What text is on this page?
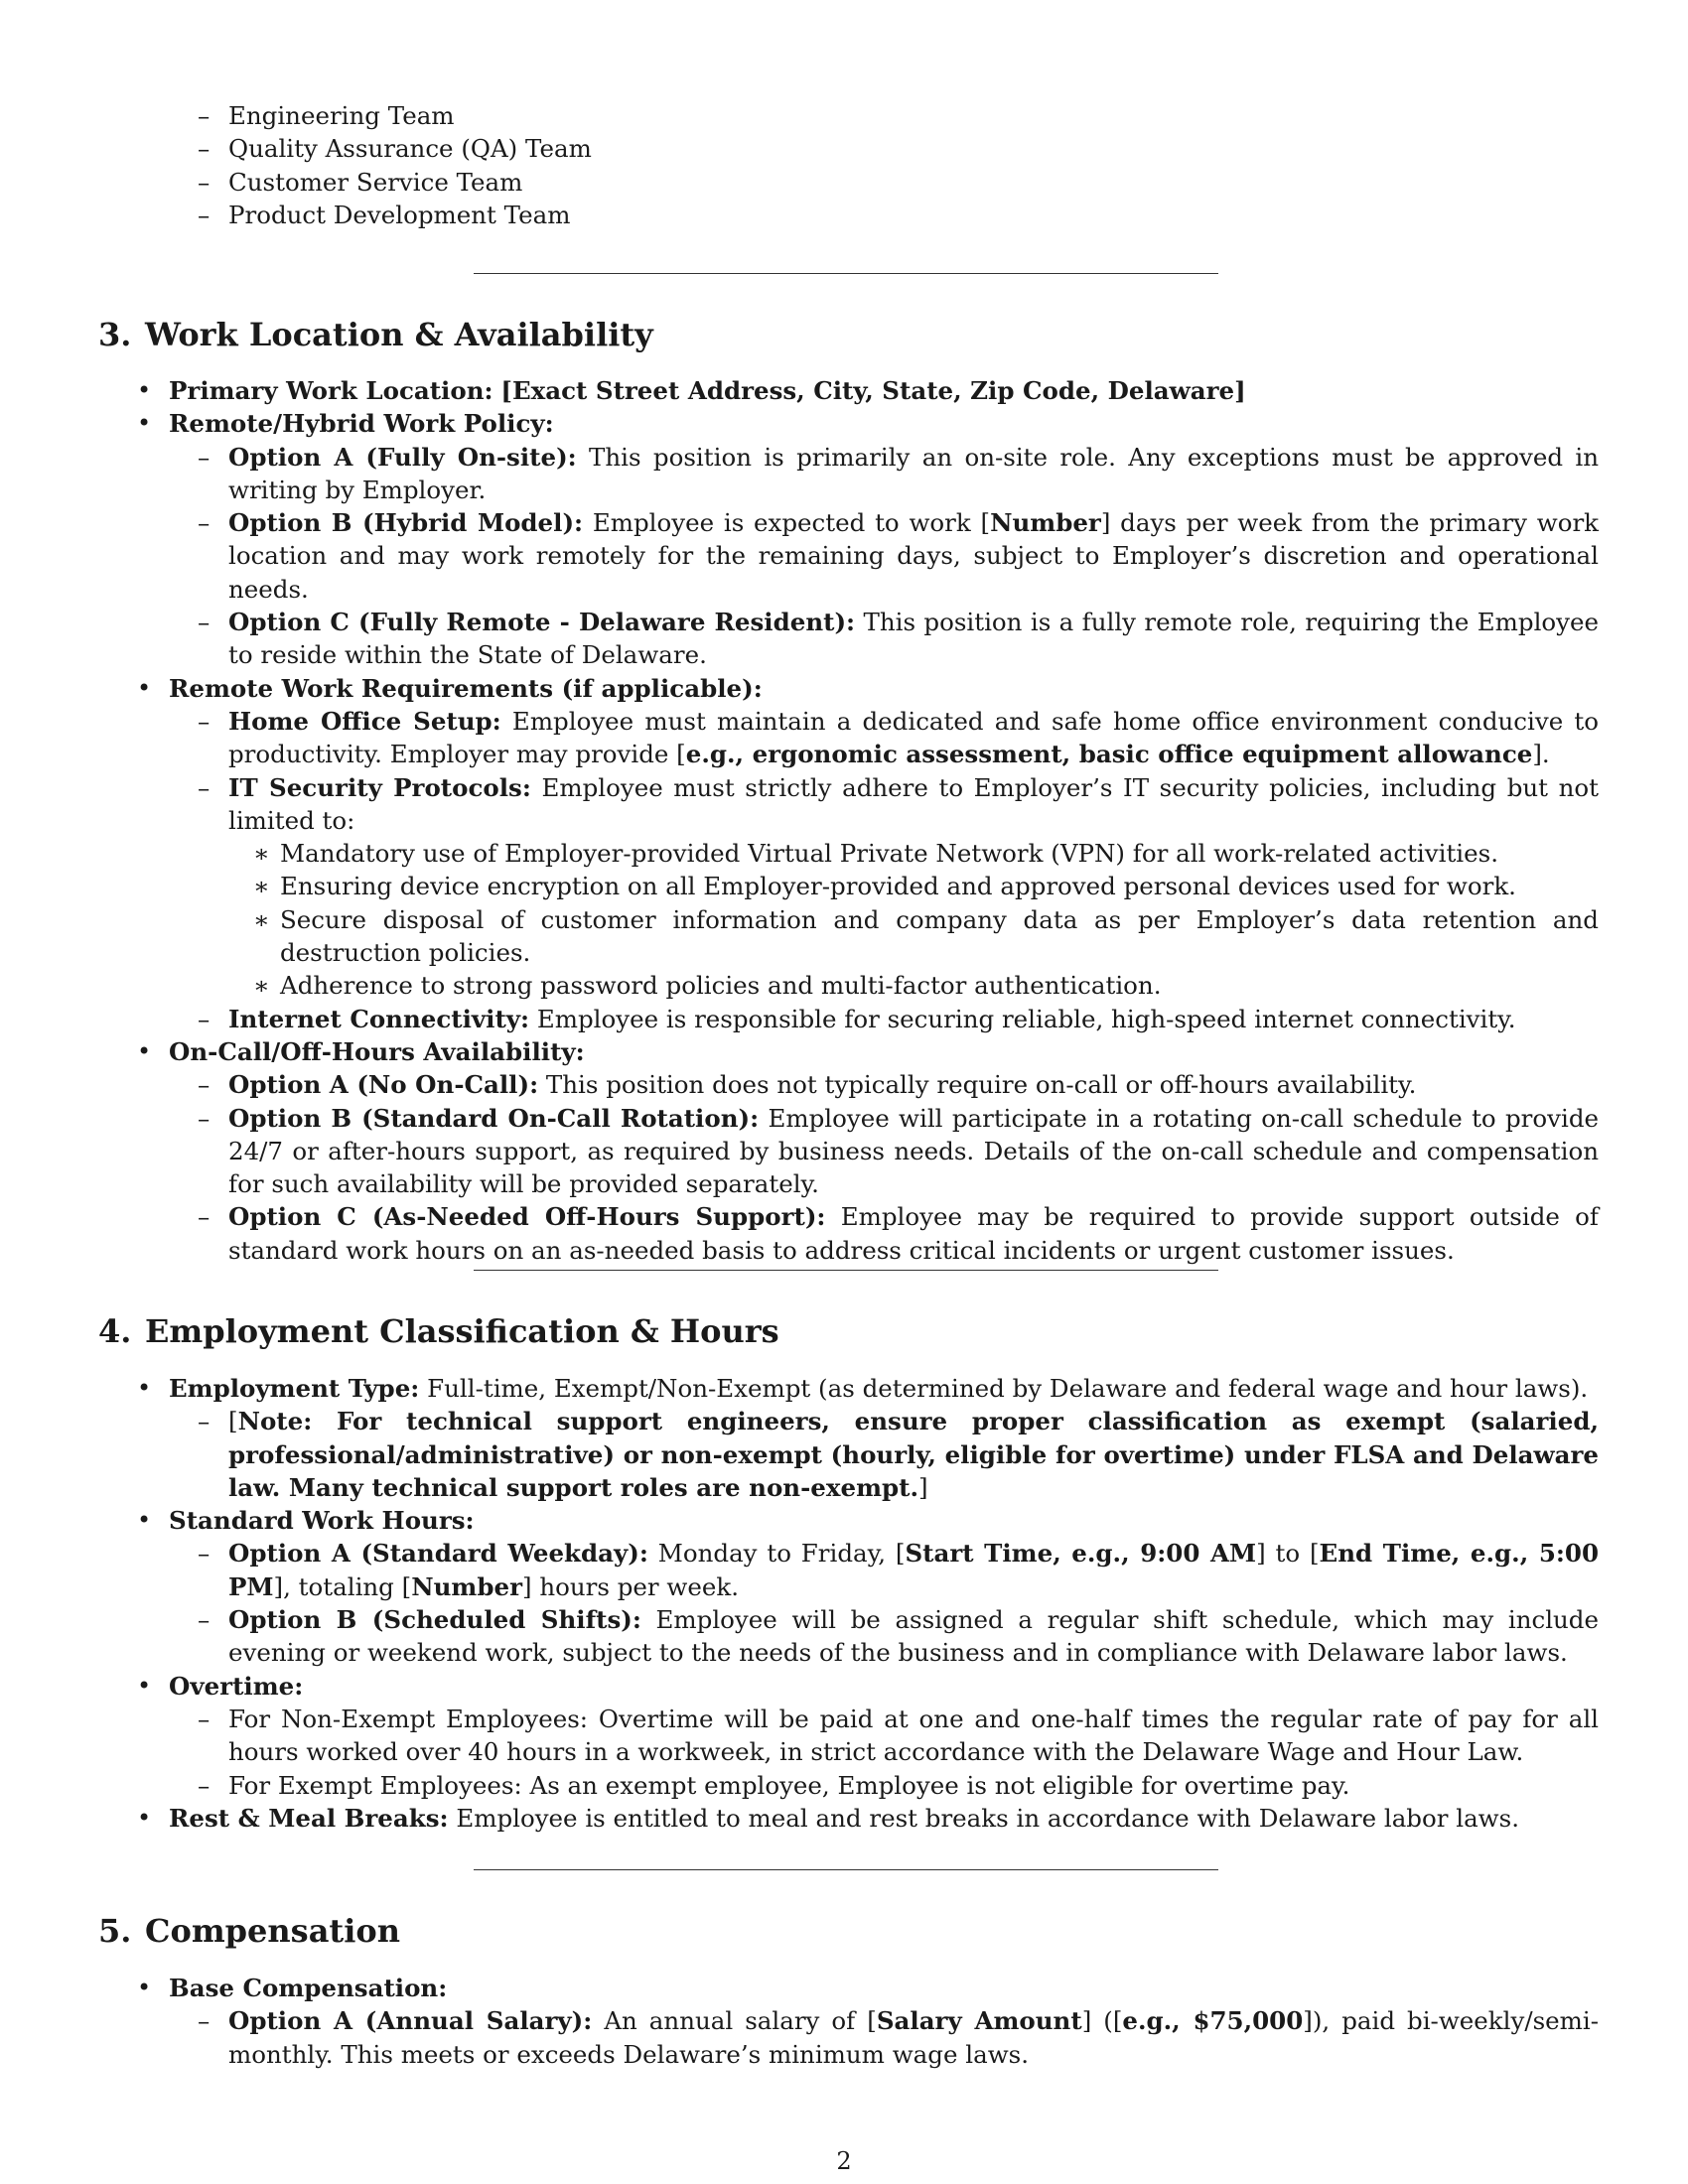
– Engineering Team
– Quality Assurance (QA) Team
– Customer Service Team
– Product Development Team
3. Work Location & Availability
• Primary Work Location: [Exact Street Address, City, State, Zip Code, Delaware]
• Remote/Hybrid Work Policy:
– Option A (Fully On-site): This position is primarily an on-site role. Any exceptions must be approved in writing by Employer.
– Option B (Hybrid Model): Employee is expected to work [Number] days per week from the primary work location and may work remotely for the remaining days, subject to Employer’s discretion and operational needs.
– Option C (Fully Remote - Delaware Resident): This position is a fully remote role, requiring the Employee to reside within the State of Delaware.
• Remote Work Requirements (if applicable):
– Home Office Setup: Employee must maintain a dedicated and safe home office environment conducive to productivity. Employer may provide [e.g., ergonomic assessment, basic office equipment allowance].
– IT Security Protocols: Employee must strictly adhere to Employer’s IT security policies, including but not limited to:
∗ Mandatory use of Employer-provided Virtual Private Network (VPN) for all work-related activities.
∗ Ensuring device encryption on all Employer-provided and approved personal devices used for work.
∗ Secure disposal of customer information and company data as per Employer’s data retention and destruction policies.
∗ Adherence to strong password policies and multi-factor authentication.
– Internet Connectivity: Employee is responsible for securing reliable, high-speed internet connectivity.
• On-Call/Off-Hours Availability:
– Option A (No On-Call): This position does not typically require on-call or off-hours availability.
– Option B (Standard On-Call Rotation): Employee will participate in a rotating on-call schedule to provide 24/7 or after-hours support, as required by business needs. Details of the on-call schedule and compensation for such availability will be provided separately.
– Option C (As-Needed Off-Hours Support): Employee may be required to provide support outside of standard work hours on an as-needed basis to address critical incidents or urgent customer issues.
4. Employment Classification & Hours
• Employment Type: Full-time, Exempt/Non-Exempt (as determined by Delaware and federal wage and hour laws).
– [Note: For technical support engineers, ensure proper classification as exempt (salaried, professional/administrative) or non-exempt (hourly, eligible for overtime) under FLSA and Delaware law. Many technical support roles are non-exempt.]
• Standard Work Hours:
– Option A (Standard Weekday): Monday to Friday, [Start Time, e.g., 9:00 AM] to [End Time, e.g., 5:00 PM], totaling [Number] hours per week.
– Option B (Scheduled Shifts): Employee will be assigned a regular shift schedule, which may include evening or weekend work, subject to the needs of the business and in compliance with Delaware labor laws.
• Overtime:
– For Non-Exempt Employees: Overtime will be paid at one and one-half times the regular rate of pay for all hours worked over 40 hours in a workweek, in strict accordance with the Delaware Wage and Hour Law.
– For Exempt Employees: As an exempt employee, Employee is not eligible for overtime pay.
• Rest & Meal Breaks: Employee is entitled to meal and rest breaks in accordance with Delaware labor laws.
5. Compensation
• Base Compensation:
– Option A (Annual Salary): An annual salary of [Salary Amount] ([e.g., $75,000]), paid bi-weekly/semi-monthly. This meets or exceeds Delaware’s minimum wage laws.
2
